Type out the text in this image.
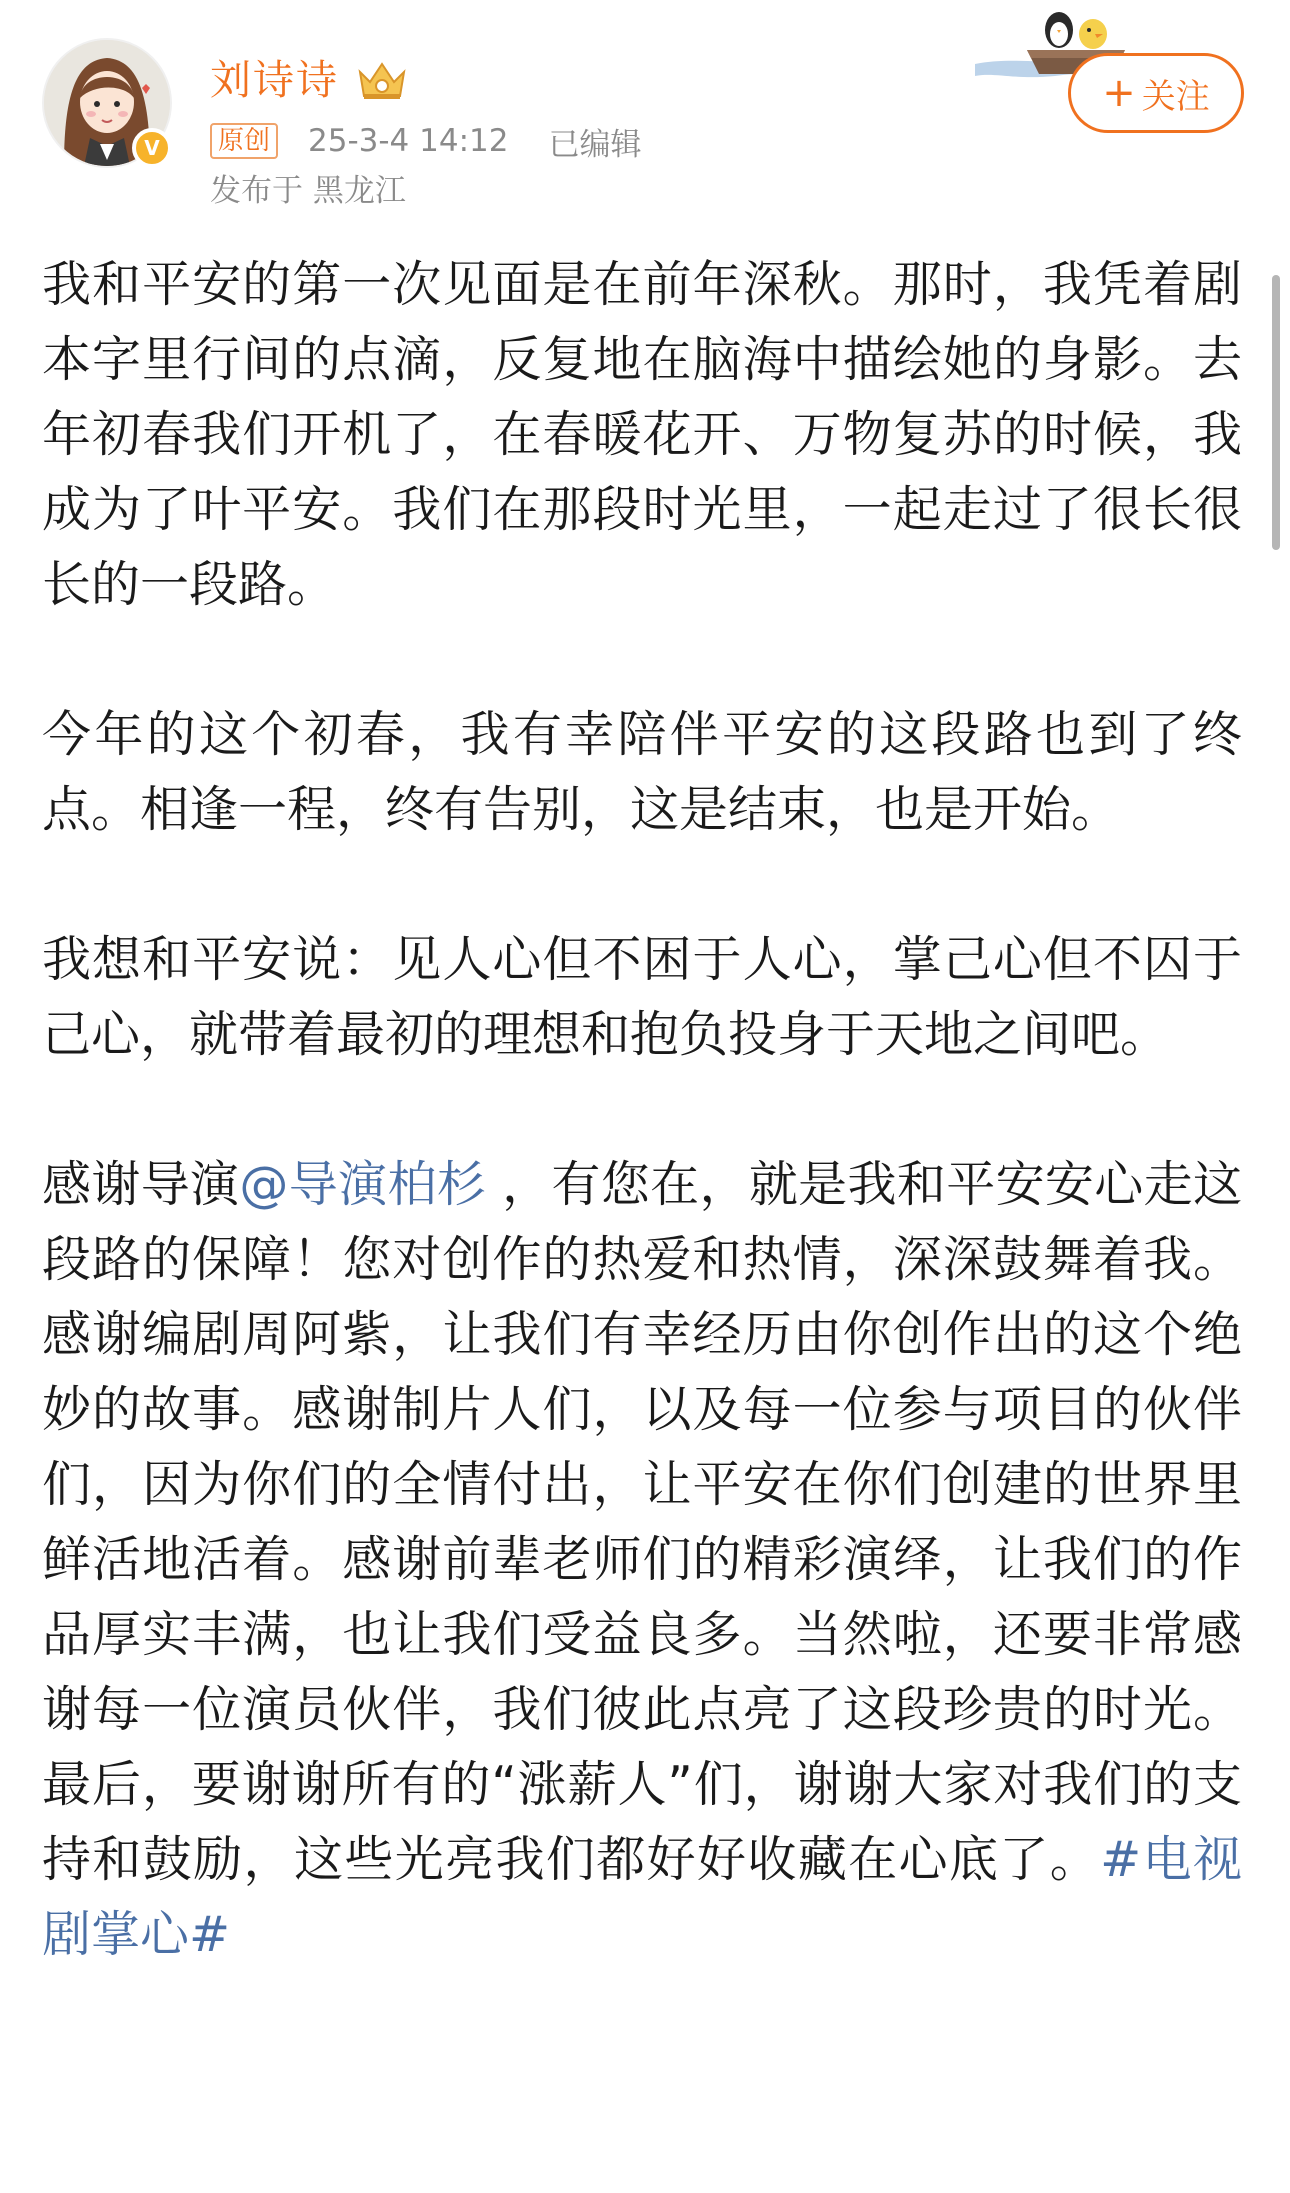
V
刘诗诗
原创 25-3-4 14:12 已编辑
发布于 黑龙江
+ 关注

我和平安的第一次见面是在前年深秋。那时，我凭着剧本字里行间的点滴，反复地在脑海中描绘她的身影。去年初春我们开机了，在春暖花开、万物复苏的时候，我成为了叶平安。我们在那段时光里，一起走过了很长很长的一段路。

今年的这个初春，我有幸陪伴平安的这段路也到了终点。相逢一程，终有告别，这是结束，也是开始。

我想和平安说：见人心但不困于人心，掌己心但不囚于己心，就带着最初的理想和抱负投身于天地之间吧。

感谢导演@导演柏杉 ，有您在，就是我和平安安心走这段路的保障！您对创作的热爱和热情，深深鼓舞着我。感谢编剧周阿紫，让我们有幸经历由你创作出的这个绝妙的故事。感谢制片人们，以及每一位参与项目的伙伴们，因为你们的全情付出，让平安在你们创建的世界里鲜活地活着。感谢前辈老师们的精彩演绎，让我们的作品厚实丰满，也让我们受益良多。当然啦，还要非常感谢每一位演员伙伴，我们彼此点亮了这段珍贵的时光。最后，要谢谢所有的“涨薪人”们，谢谢大家对我们的支持和鼓励，这些光亮我们都好好收藏在心底了。#电视剧掌心#
